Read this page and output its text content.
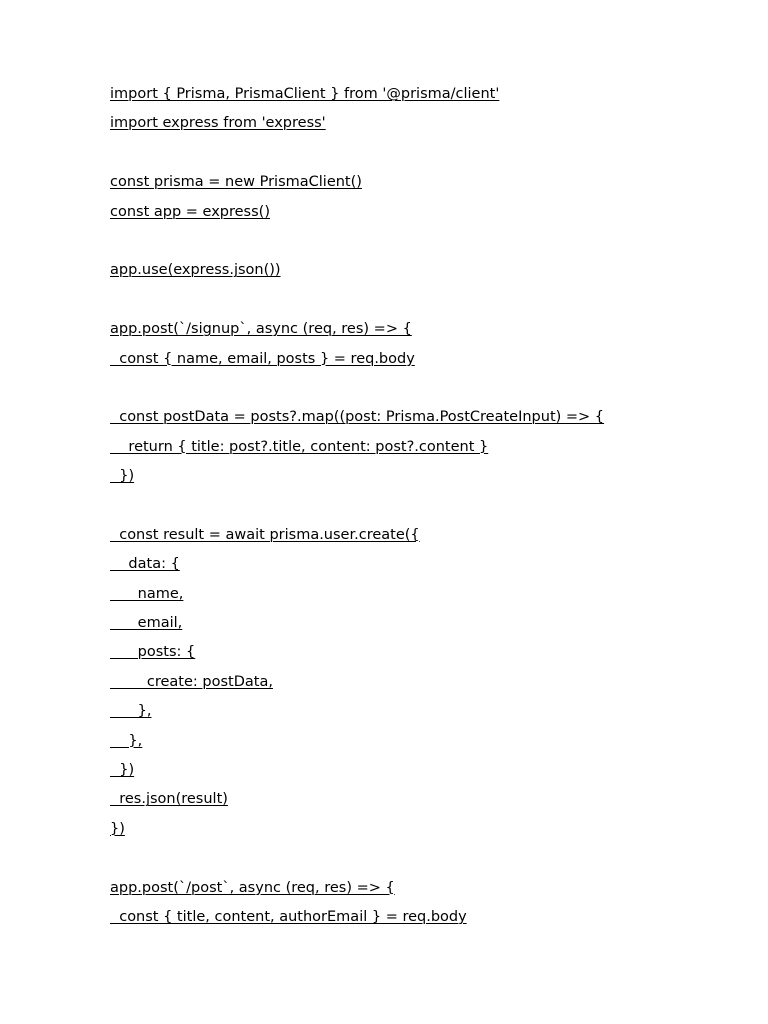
import { Prisma, PrismaClient } from '@prisma/client'
import express from 'express'
const prisma = new PrismaClient()
const app = express()
app.use(express.json())
app.post(`/signup`, async (req, res) => {
const { name, email, posts } = req.body
const postData = posts?.map((post: Prisma.PostCreateInput) => {
return { title: post?.title, content: post?.content }
})
const result = await prisma.user.create({
data: {
name,
email,
posts: {
create: postData,
},
},
})
res.json(result)
})
app.post(`/post`, async (req, res) => {
const { title, content, authorEmail } = req.body
